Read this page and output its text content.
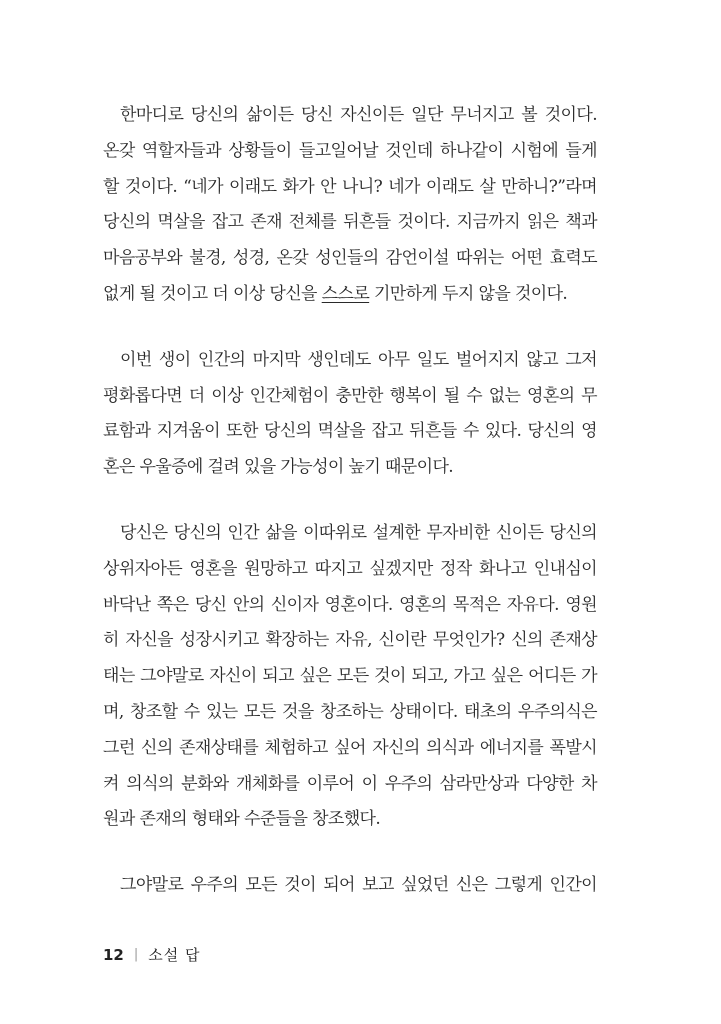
한마디로 당신의 삶이든 당신 자신이든 일단 무너지고 볼 것이다.
온갖 역할자들과 상황들이 들고일어날 것인데 하나같이 시험에 들게
할 것이다. “네가 이래도 화가 안 나니? 네가 이래도 살 만하니?”라며
당신의 멱살을 잡고 존재 전체를 뒤흔들 것이다. 지금까지 읽은 책과
마음공부와 불경, 성경, 온갖 성인들의 감언이설 따위는 어떤 효력도
없게 될 것이고 더 이상 당신을 스스로 기만하게 두지 않을 것이다.

이번 생이 인간의 마지막 생인데도 아무 일도 벌어지지 않고 그저
평화롭다면 더 이상 인간체험이 충만한 행복이 될 수 없는 영혼의 무
료함과 지겨움이 또한 당신의 멱살을 잡고 뒤흔들 수 있다. 당신의 영
혼은 우울증에 걸려 있을 가능성이 높기 때문이다.

당신은 당신의 인간 삶을 이따위로 설계한 무자비한 신이든 당신의
상위자아든 영혼을 원망하고 따지고 싶겠지만 정작 화나고 인내심이
바닥난 쪽은 당신 안의 신이자 영혼이다. 영혼의 목적은 자유다. 영원
히 자신을 성장시키고 확장하는 자유, 신이란 무엇인가? 신의 존재상
태는 그야말로 자신이 되고 싶은 모든 것이 되고, 가고 싶은 어디든 가
며, 창조할 수 있는 모든 것을 창조하는 상태이다. 태초의 우주의식은
그런 신의 존재상태를 체험하고 싶어 자신의 의식과 에너지를 폭발시
켜 의식의 분화와 개체화를 이루어 이 우주의 삼라만상과 다양한 차
원과 존재의 형태와 수준들을 창조했다.

그야말로 우주의 모든 것이 되어 보고 싶었던 신은 그렇게 인간이

12 | 소설 답
